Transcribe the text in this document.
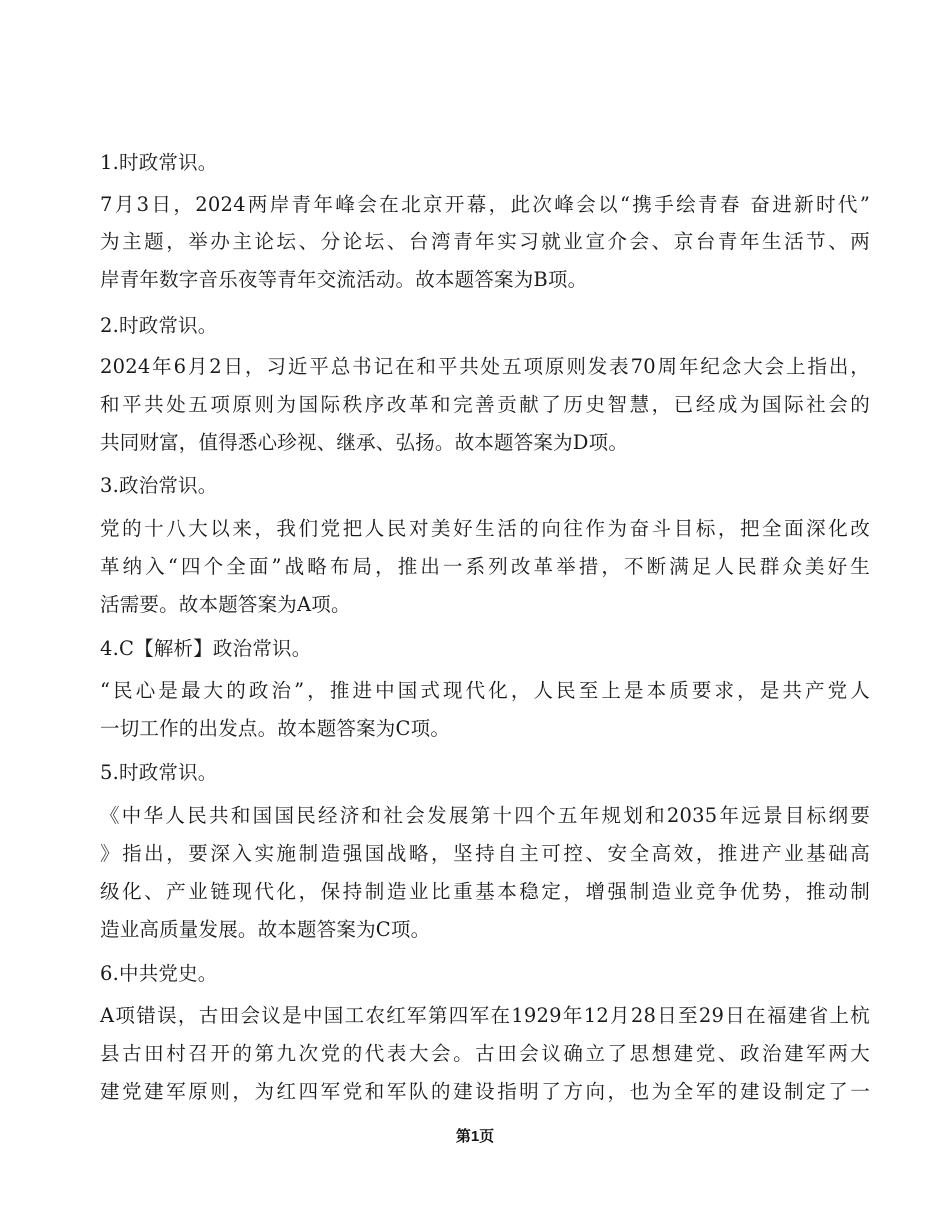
1.时政常识。
7月3日，2024两岸青年峰会在北京开幕，此次峰会以“携手绘青春 奋进新时代”
为主题，举办主论坛、分论坛、台湾青年实习就业宣介会、京台青年生活节、两
岸青年数字音乐夜等青年交流活动。故本题答案为B项。
2.时政常识。
2024年6月2日，习近平总书记在和平共处五项原则发表70周年纪念大会上指出，
和平共处五项原则为国际秩序改革和完善贡献了历史智慧，已经成为国际社会的
共同财富，值得悉心珍视、继承、弘扬。故本题答案为D项。
3.政治常识。
党的十八大以来，我们党把人民对美好生活的向往作为奋斗目标，把全面深化改
革纳入“四个全面”战略布局，推出一系列改革举措，不断满足人民群众美好生
活需要。故本题答案为A项。
4.C【解析】政治常识。
“民心是最大的政治”，推进中国式现代化，人民至上是本质要求，是共产党人
一切工作的出发点。故本题答案为C项。
5.时政常识。
《中华人民共和国国民经济和社会发展第十四个五年规划和2035年远景目标纲要
》指出，要深入实施制造强国战略，坚持自主可控、安全高效，推进产业基础高
级化、产业链现代化，保持制造业比重基本稳定，增强制造业竞争优势，推动制
造业高质量发展。故本题答案为C项。
6.中共党史。
A项错误，古田会议是中国工农红军第四军在1929年12月28日至29日在福建省上杭
县古田村召开的第九次党的代表大会。古田会议确立了思想建党、政治建军两大
建党建军原则，为红四军党和军队的建设指明了方向，也为全军的建设制定了一
第1页
